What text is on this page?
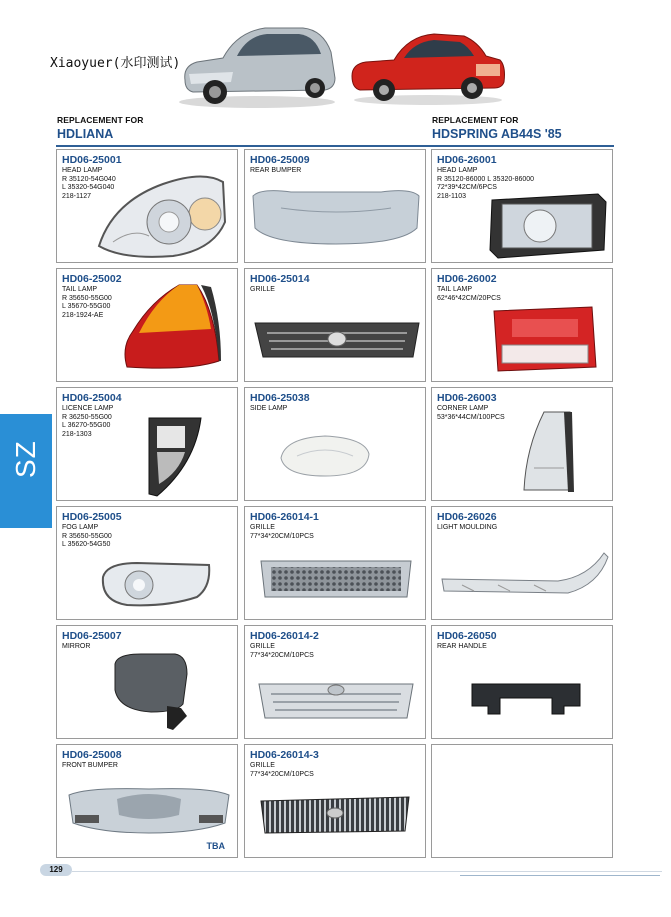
Xiaoyuer(水印测试)
REPLACEMENT FOR
HDLIANA
REPLACEMENT FOR
HDSPRING AB44S '85
SZ
HD06-25001
HEAD LAMP
R 35120-54G040
L 35320-54G040
218-1127
HD06-25009
REAR BUMPER
HD06-26001
HEAD LAMP
R 35120-86000 L 35320-86000
72*39*42CM/6PCS
218-1103
HD06-25002
TAIL LAMP
R 35650-55G00
L 35670-55G00
218-1924-AE
HD06-25014
GRILLE
HD06-26002
TAIL LAMP
62*46*42CM/20PCS
HD06-25004
LICENCE LAMP
R 36250-55G00
L 36270-55G00
218-1303
HD06-25038
SIDE LAMP
HD06-26003
CORNER LAMP
53*36*44CM/100PCS
HD06-25005
FOG LAMP
R 35650-55G00
L 35620-54G50
HD06-26014-1
GRILLE
77*34*20CM/10PCS
HD06-26026
LIGHT MOULDING
HD06-25007
MIRROR
HD06-26014-2
GRILLE
77*34*20CM/10PCS
HD06-26050
REAR HANDLE
HD06-25008
FRONT BUMPER
TBA
HD06-26014-3
GRILLE
77*34*20CM/10PCS
129
